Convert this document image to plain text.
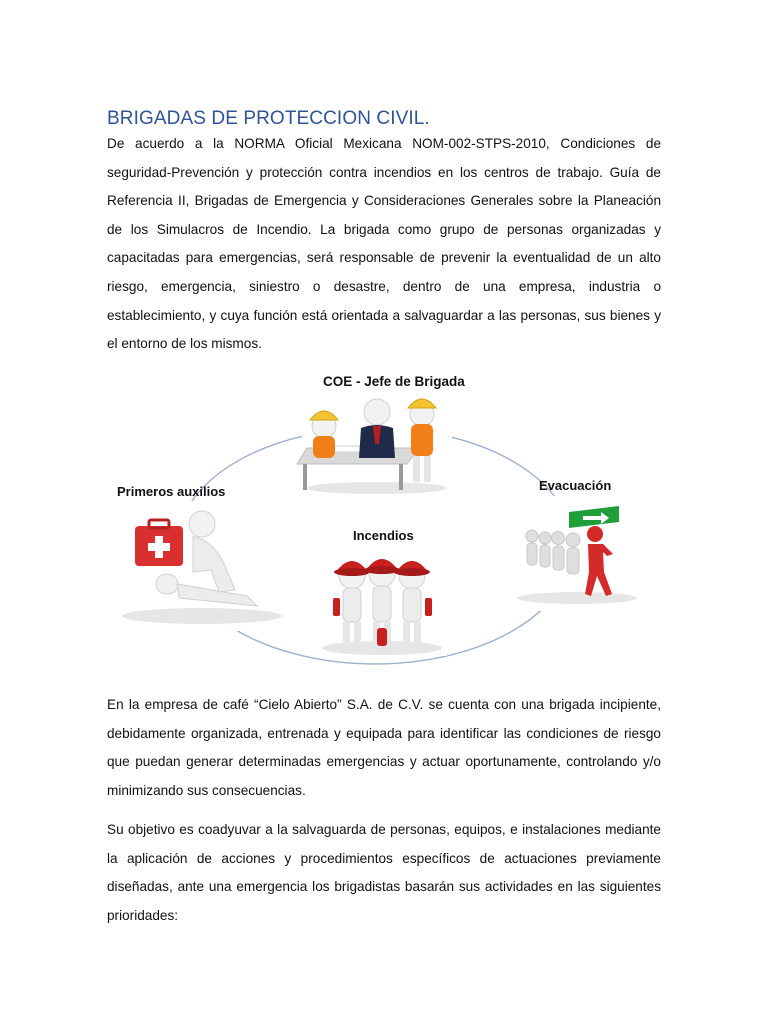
BRIGADAS DE PROTECCION CIVIL.

De acuerdo a la NORMA Oficial Mexicana NOM-002-STPS-2010, Condiciones de seguridad-Prevención y protección contra incendios en los centros de trabajo. Guía de Referencia II, Brigadas de Emergencia y Consideraciones Generales sobre la Planeación de los Simulacros de Incendio. La brigada como grupo de personas organizadas y capacitadas para emergencias, será responsable de prevenir la eventualidad de un alto riesgo, emergencia, siniestro o desastre, dentro de una empresa, industria o establecimiento, y cuya función está orientada a salvaguardar a las personas, sus bienes y el entorno de los mismos.

COE - Jefe de Brigada
Primeros auxilios	Evacuación
Incendios

En la empresa de café “Cielo Abierto” S.A. de C.V. se cuenta con una brigada incipiente, debidamente organizada, entrenada y equipada para identificar las condiciones de riesgo que puedan generar determinadas emergencias y actuar oportunamente, controlando y/o minimizando sus consecuencias.

Su objetivo es coadyuvar a la salvaguarda de personas, equipos, e instalaciones mediante la aplicación de acciones y procedimientos específicos de actuaciones previamente diseñadas, ante una emergencia los brigadistas basarán sus actividades en las siguientes prioridades:
